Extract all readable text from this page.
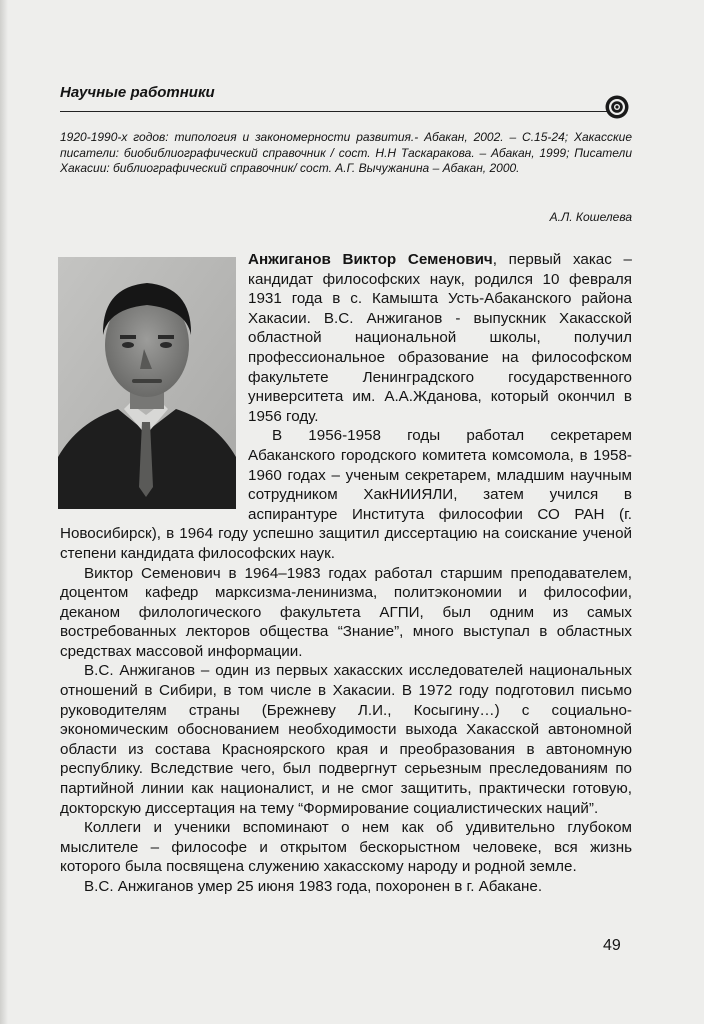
Научные работники
1920-1990-х годов: типология и закономерности развития.- Абакан, 2002. – С.15-24; Хакасские писатели: биобиблиографический справочник / сост. Н.Н Таскаракова. – Абакан, 1999; Писатели Хакасии: библиографический справочник/ сост. А.Г. Вычужанина – Абакан, 2000.
А.Л. Кошелева

Анжиганов Виктор Семенович, первый хакас – кандидат философских наук, родился 10 февраля 1931 года в с. Камышта Усть-Абаканского района Хакасии. В.С. Анжиганов - выпускник Хакасской областной национальной школы, получил профессиональное образование на философском факультете Ленинградского государственного университета им. А.А.Жданова, который окончил в 1956 году.

В 1956-1958 годы работал секретарем Абаканского городского комитета комсомола, в 1958-1960 годах – ученым секретарем, младшим научным сотрудником ХакНИИЯЛИ, затем учился в аспирантуре Института философии СО РАН (г. Новосибирск), в 1964 году успешно защитил диссертацию на соискание ученой степени кандидата философских наук.

Виктор Семенович в 1964–1983 годах работал старшим преподавателем, доцентом кафедр марксизма-ленинизма, политэкономии и философии, деканом филологического факультета АГПИ, был одним из самых востребованных лекторов общества “Знание”, много выступал в областных средствах массовой информации.

В.С. Анжиганов – один из первых хакасских исследователей национальных отношений в Сибири, в том числе в Хакасии. В 1972 году подготовил письмо руководителям страны (Брежневу Л.И., Косыгину…) с социально-экономическим обоснованием необходимости выхода Хакасской автономной области из состава Красноярского края и преобразования в автономную республику. Вследствие чего, был подвергнут серьезным преследованиям по партийной линии как националист, и не смог защитить, практически готовую, докторскую диссертация на тему “Формирование социалистических наций”.

Коллеги и ученики вспоминают о нем как об удивительно глубоком мыслителе – философе и открытом бескорыстном человеке, вся жизнь которого была посвящена служению хакасскому народу и родной земле.

В.С. Анжиганов умер 25 июня 1983 года, похоронен в г. Абакане.

49
